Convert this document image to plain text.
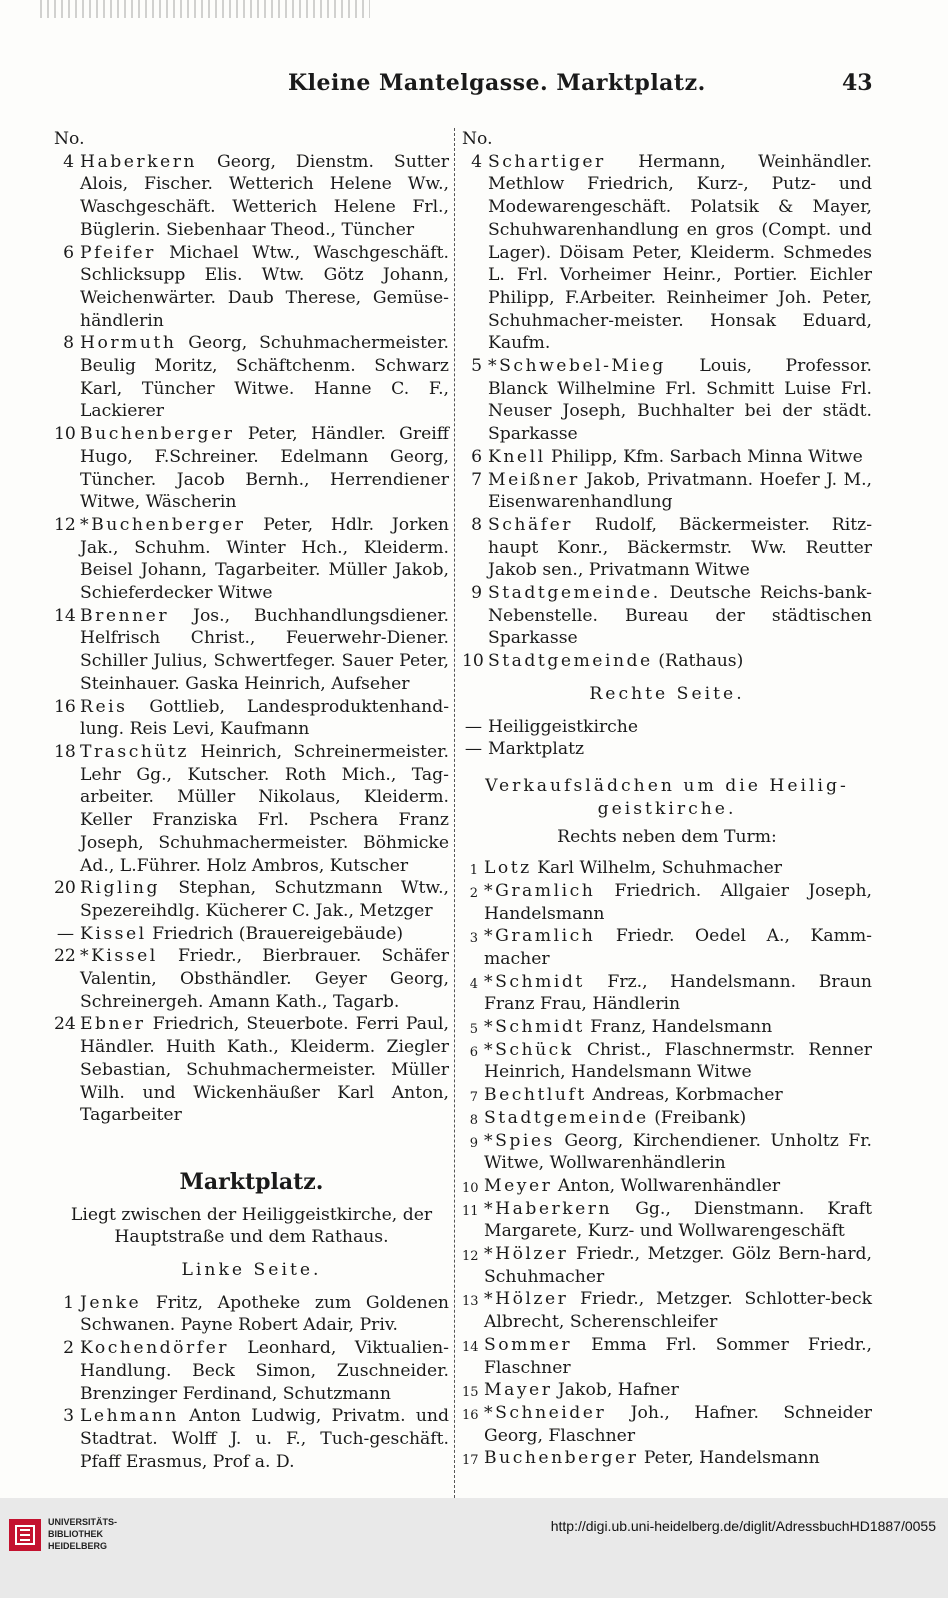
Kleine Mantelgasse. Marktplatz.	43
No.
4 Haberkern Georg, Dienstm. Sutter Alois, Fischer. Wetterich Helene Ww., Waschgeschäft. Wetterich Helene Frl., Büglerin. Siebenhaar Theod., Tüncher
6 Pfeifer Michael Wtw., Waschgeschäft. Schlicksupp Elis. Wtw. Götz Johann, Weichenwärter. Daub Therese, Gemüse-händlerin
8 Hormuth Georg, Schuhmachermeister. Beulig Moritz, Schäftchenm. Schwarz Karl, Tüncher Witwe. Hanne C. F., Lackierer
10 Buchenberger Peter, Händler. Greiff Hugo, F.Schreiner. Edelmann Georg, Tüncher. Jacob Bernh., Herrendiener Witwe, Wäscherin
12 *Buchenberger Peter, Hdlr. Jorken Jak., Schuhm. Winter Hch., Kleiderm. Beisel Johann, Tagarbeiter. Müller Jakob, Schieferdecker Witwe
14 Brenner Jos., Buchhandlungsdiener. Helfrisch Christ., Feuerwehr-Diener. Schiller Julius, Schwertfeger. Sauer Peter, Steinhauer. Gaska Heinrich, Aufseher
16 Reis Gottlieb, Landesproduktenhand-lung. Reis Levi, Kaufmann
18 Traschütz Heinrich, Schreinermeister. Lehr Gg., Kutscher. Roth Mich., Tag-arbeiter. Müller Nikolaus, Kleiderm. Keller Franziska Frl. Pschera Franz Joseph, Schuhmachermeister. Böhmicke Ad., L.Führer. Holz Ambros, Kutscher
20 Rigling Stephan, Schutzmann Wtw., Spezereihdlg. Kücherer C. Jak., Metzger
— Kissel Friedrich (Brauereigebäude)
22 *Kissel Friedr., Bierbrauer. Schäfer Valentin, Obsthändler. Geyer Georg, Schreinergeh. Amann Kath., Tagarb.
24 Ebner Friedrich, Steuerbote. Ferri Paul, Händler. Huith Kath., Kleiderm. Ziegler Sebastian, Schuhmachermeister. Müller Wilh. und Wickenhäußer Karl Anton, Tagarbeiter
Marktplatz.
Liegt zwischen der Heiliggeistkirche, der Hauptstraße und dem Rathaus.
Linke Seite.
1 Jenke Fritz, Apotheke zum Goldenen Schwanen. Payne Robert Adair, Priv.
2 Kochendörfer Leonhard, Viktualien-Handlung. Beck Simon, Zuschneider. Brenzinger Ferdinand, Schutzmann
3 Lehmann Anton Ludwig, Privatm. und Stadtrat. Wolff J. u. F., Tuch-geschäft. Pfaff Erasmus, Prof a. D.
No.
4 Schartiger Hermann, Weinhändler. Methlow Friedrich, Kurz-, Putz- und Modewarengeschäft. Polatsik & Mayer, Schuhwarenhandlung en gros (Compt. und Lager). Döisam Peter, Kleiderm. Schmedes L. Frl. Vorheimer Heinr., Portier. Eichler Philipp, F.Arbeiter. Reinheimer Joh. Peter, Schuhmacher-meister. Honsak Eduard, Kaufm.
5 *Schwebel-Mieg Louis, Professor. Blanck Wilhelmine Frl. Schmitt Luise Frl. Neuser Joseph, Buchhalter bei der städt. Sparkasse
6 Knell Philipp, Kfm. Sarbach Minna Witwe
7 Meißner Jakob, Privatmann. Hoefer J. M., Eisenwarenhandlung
8 Schäfer Rudolf, Bäckermeister. Ritz-haupt Konr., Bäckermstr. Ww. Reutter Jakob sen., Privatmann Witwe
9 Stadtgemeinde. Deutsche Reichs-bank-Nebenstelle. Bureau der städtischen Sparkasse
10 Stadtgemeinde (Rathaus)
Rechte Seite.
— Heiliggeistkirche
— Marktplatz
Verkaufslädchen um die Heilig-geistkirche.
Rechts neben dem Turm:
1 Lotz Karl Wilhelm, Schuhmacher
2 *Gramlich Friedrich. Allgaier Joseph, Handelsmann
3 *Gramlich Friedr. Oedel A., Kamm-macher
4 *Schmidt Frz., Handelsmann. Braun Franz Frau, Händlerin
5 *Schmidt Franz, Handelsmann
6 *Schück Christ., Flaschnermstr. Renner Heinrich, Handelsmann Witwe
7 Bechtluft Andreas, Korbmacher
8 Stadtgemeinde (Freibank)
9 *Spies Georg, Kirchendiener. Unholtz Fr. Witwe, Wollwarenhändlerin
10 Meyer Anton, Wollwarenhändler
11 *Haberkern Gg., Dienstmann. Kraft Margarete, Kurz- und Wollwarengeschäft
12 *Hölzer Friedr., Metzger. Gölz Bern-hard, Schuhmacher
13 *Hölzer Friedr., Metzger. Schlotter-beck Albrecht, Scherenschleifer
14 Sommer Emma Frl. Sommer Friedr., Flaschner
15 Mayer Jakob, Hafner
16 *Schneider Joh., Hafner. Schneider Georg, Flaschner
17 Buchenberger Peter, Handelsmann
UNIVERSITÄTS-
BIBLIOTHEK
HEIDELBERG
http://digi.ub.uni-heidelberg.de/diglit/AdressbuchHD1887/0055
